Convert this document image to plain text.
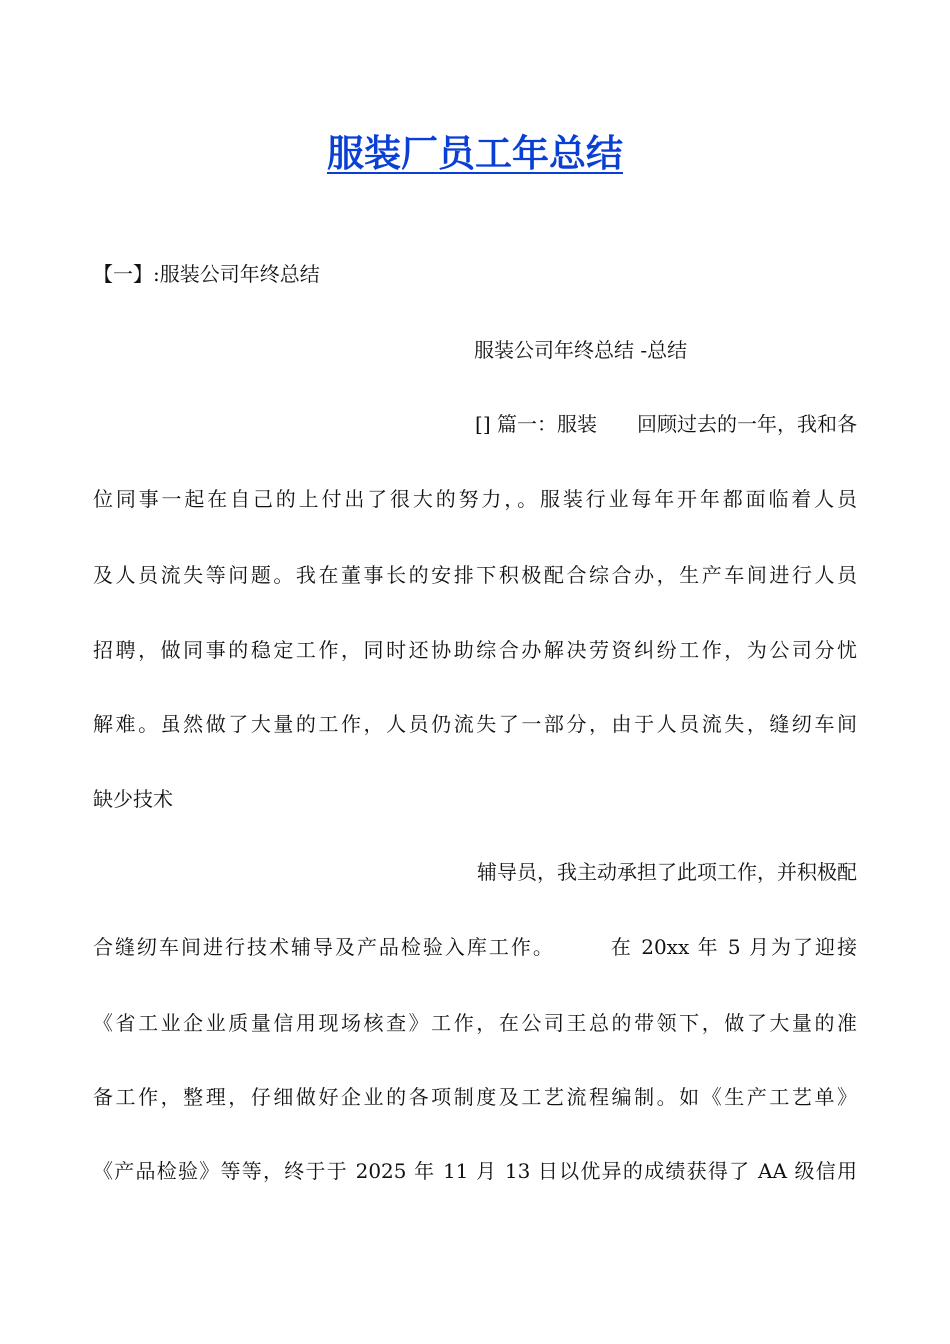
服装厂员工年总结

【一】:服装公司年终总结

服装公司年终总结 -总结

[] 篇一：服装　　回顾过去的一年，我和各

位同事一起在自己的上付出了很大的努力，。服装行业每年开年都面临着人员

及人员流失等问题。我在董事长的安排下积极配合综合办，生产车间进行人员

招聘，做同事的稳定工作，同时还协助综合办解决劳资纠纷工作，为公司分忧

解难。虽然做了大量的工作，人员仍流失了一部分，由于人员流失，缝纫车间

缺少技术

辅导员，我主动承担了此项工作，并积极配

合缝纫车间进行技术辅导及产品检验入库工作。　　　在 20xx 年 5 月为了迎接

《省工业企业质量信用现场核查》工作，在公司王总的带领下，做了大量的准

备工作，整理，仔细做好企业的各项制度及工艺流程编制。如《生产工艺单》

《产品检验》等等，终于于 2025 年 11 月 13 日以优异的成绩获得了 AA 级信用
